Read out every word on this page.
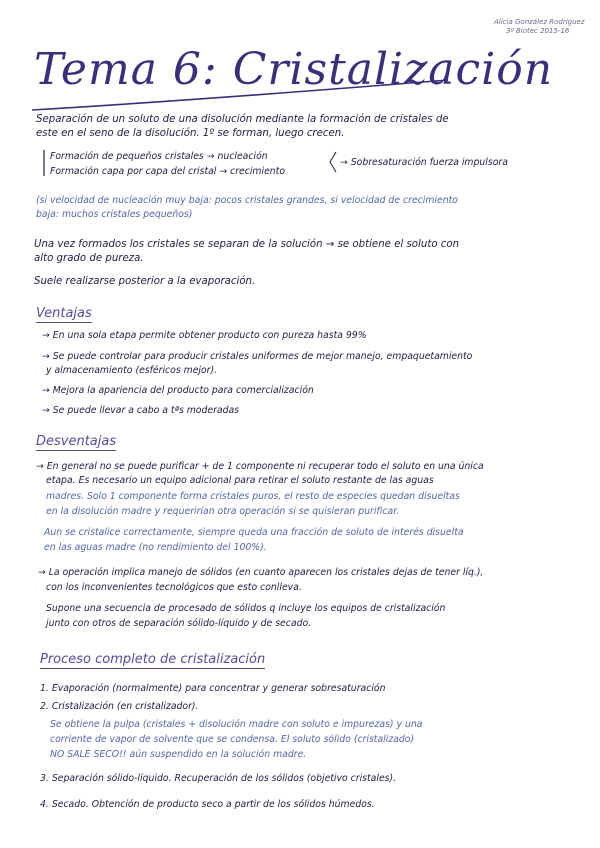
Alicia González Rodríguez
3º Biotec 2015-16
Tema 6: Cristalización
Separación de un soluto de una disolución mediante la formación de cristales de
este en el seno de la disolución. 1º se forman, luego crecen.
Formación de pequeños cristales → nucleación
Formación capa por capa del cristal → crecimiento
→ Sobresaturación fuerza impulsora
(si velocidad de nucleación muy baja: pocos cristales grandes, si velocidad de crecimiento
baja: muchos cristales pequeños)
Una vez formados los cristales se separan de la solución → se obtiene el soluto con
alto grado de pureza.
Suele realizarse posterior a la evaporación.
Ventajas
→ En una sola etapa permite obtener producto con pureza hasta 99%
→ Se puede controlar para producir cristales uniformes de mejor manejo, empaquetamiento
y almacenamiento (esféricos mejor).
→ Mejora la apariencia del producto para comercialización
→ Se puede llevar a cabo a tªs moderadas
Desventajas
→ En general no se puede purificar + de 1 componente ni recuperar todo el soluto en una única
etapa. Es necesario un equipo adicional para retirar el soluto restante de las aguas
madres. Solo 1 componente forma cristales puros, el resto de especies quedan disueltas
en la disolución madre y requerirían otra operación si se quisieran purificar.
Aun se cristalice correctamente, siempre queda una fracción de soluto de interés disuelta
en las aguas madre (no rendimiento del 100%).
→ La operación implica manejo de sólidos (en cuanto aparecen los cristales dejas de tener líq.),
con los inconvenientes tecnológicos que esto conlleva.
Supone una secuencia de procesado de sólidos q incluye los equipos de cristalización
junto con otros de separación sólido-líquido y de secado.
Proceso completo de cristalización
1. Evaporación (normalmente) para concentrar y generar sobresaturación
2. Cristalización (en cristalizador).
Se obtiene la pulpa (cristales + disolución madre con soluto e impurezas) y una
corriente de vapor de solvente que se condensa. El soluto sólido (cristalizado)
NO SALE SECO!! aún suspendido en la solución madre.
3. Separación sólido-líquido. Recuperación de los sólidos (objetivo cristales).
4. Secado. Obtención de producto seco a partir de los sólidos húmedos.
